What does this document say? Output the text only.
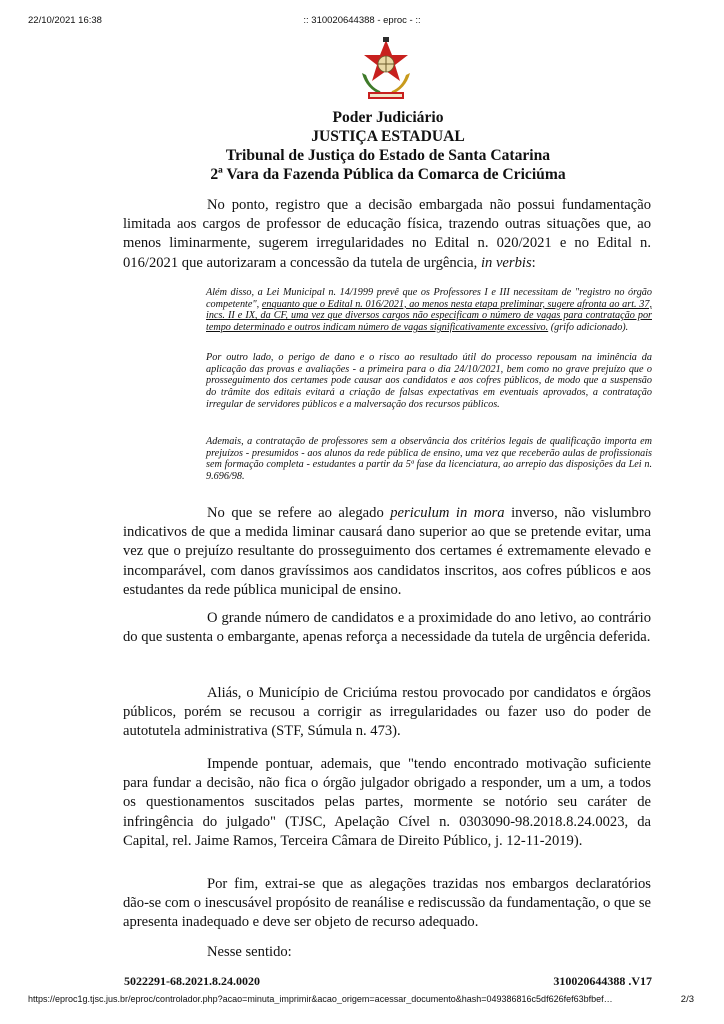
22/10/2021 16:38	:: 310020644388 - eproc - ::
Poder Judiciário
JUSTIÇA ESTADUAL
Tribunal de Justiça do Estado de Santa Catarina
2ª Vara da Fazenda Pública da Comarca de Criciúma

No ponto, registro que a decisão embargada não possui fundamentação limitada aos cargos de professor de educação física, trazendo outras situações que, ao menos liminarmente, sugerem irregularidades no Edital n. 020/2021 e no Edital n. 016/2021 que autorizaram a concessão da tutela de urgência, in verbis:

Além disso, a Lei Municipal n. 14/1999 prevê que os Professores I e III necessitam de "registro no órgão competente", enquanto que o Edital n. 016/2021, ao menos nesta etapa preliminar, sugere afronta ao art. 37, incs. II e IX, da CF, uma vez que diversos cargos não especificam o número de vagas para contratação por tempo determinado e outros indicam número de vagas significativamente excessivo. (grifo adicionado).

Por outro lado, o perigo de dano e o risco ao resultado útil do processo repousam na iminência da aplicação das provas e avaliações - a primeira para o dia 24/10/2021, bem como no grave prejuízo que o prosseguimento dos certames pode causar aos candidatos e aos cofres públicos, de modo que a suspensão do trâmite dos editais evitará a criação de falsas expectativas em eventuais aprovados, a contratação irregular de servidores públicos e a malversação dos recursos públicos.

Ademais, a contratação de professores sem a observância dos critérios legais de qualificação importa em prejuízos - presumidos - aos alunos da rede pública de ensino, uma vez que receberão aulas de profissionais sem formação completa - estudantes a partir da 5ª fase da licenciatura, ao arrepio das disposições da Lei n. 9.696/98.

No que se refere ao alegado periculum in mora inverso, não vislumbro indicativos de que a medida liminar causará dano superior ao que se pretende evitar, uma vez que o prejuízo resultante do prosseguimento dos certames é extremamente elevado e incomparável, com danos gravíssimos aos candidatos inscritos, aos cofres públicos e aos estudantes da rede pública municipal de ensino.

O grande número de candidatos e a proximidade do ano letivo, ao contrário do que sustenta o embargante, apenas reforça a necessidade da tutela de urgência deferida.

Aliás, o Município de Criciúma restou provocado por candidatos e órgãos públicos, porém se recusou a corrigir as irregularidades ou fazer uso do poder de autotutela administrativa (STF, Súmula n. 473).

Impende pontuar, ademais, que "tendo encontrado motivação suficiente para fundar a decisão, não fica o órgão julgador obrigado a responder, um a um, a todos os questionamentos suscitados pelas partes, mormente se notório seu caráter de infringência do julgado" (TJSC, Apelação Cível n. 0303090-98.2018.8.24.0023, da Capital, rel. Jaime Ramos, Terceira Câmara de Direito Público, j. 12-11-2019).

Por fim, extrai-se que as alegações trazidas nos embargos declaratórios dão-se com o inescusável propósito de reanálise e rediscussão da fundamentação, o que se apresenta inadequado e deve ser objeto de recurso adequado.

Nesse sentido:

5022291-68.2021.8.24.0020	310020644388 .V17
https://eproc1g.tjsc.jus.br/eproc/controlador.php?acao=minuta_imprimir&acao_origem=acessar_documento&hash=049386816c5df626fef63bfbef…	2/3
